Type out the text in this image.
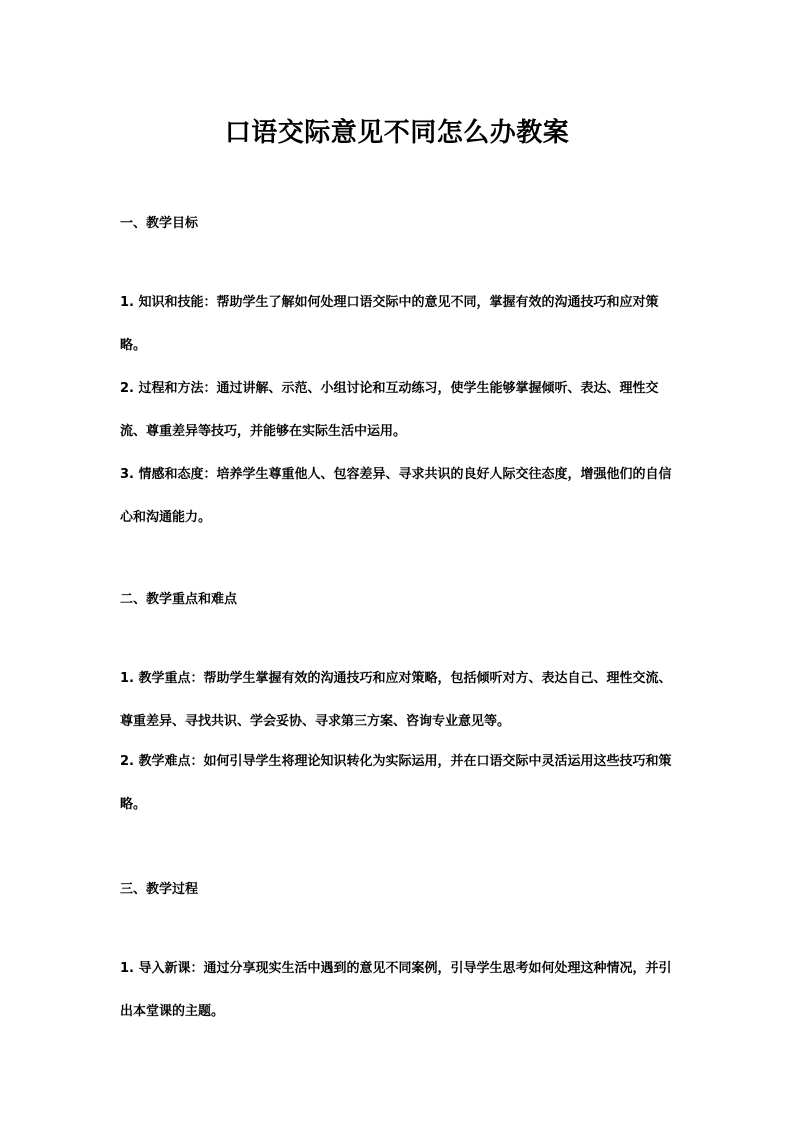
口语交际意见不同怎么办教案
一、教学目标

1. 知识和技能：帮助学生了解如何处理口语交际中的意见不同，掌握有效的沟通技巧和应对策略。

2. 过程和方法：通过讲解、示范、小组讨论和互动练习，使学生能够掌握倾听、表达、理性交流、尊重差异等技巧，并能够在实际生活中运用。

3. 情感和态度：培养学生尊重他人、包容差异、寻求共识的良好人际交往态度，增强他们的自信心和沟通能力。

二、教学重点和难点

1. 教学重点：帮助学生掌握有效的沟通技巧和应对策略，包括倾听对方、表达自己、理性交流、尊重差异、寻找共识、学会妥协、寻求第三方案、咨询专业意见等。

2. 教学难点：如何引导学生将理论知识转化为实际运用，并在口语交际中灵活运用这些技巧和策略。

三、教学过程

1. 导入新课：通过分享现实生活中遇到的意见不同案例，引导学生思考如何处理这种情况，并引出本堂课的主题。
